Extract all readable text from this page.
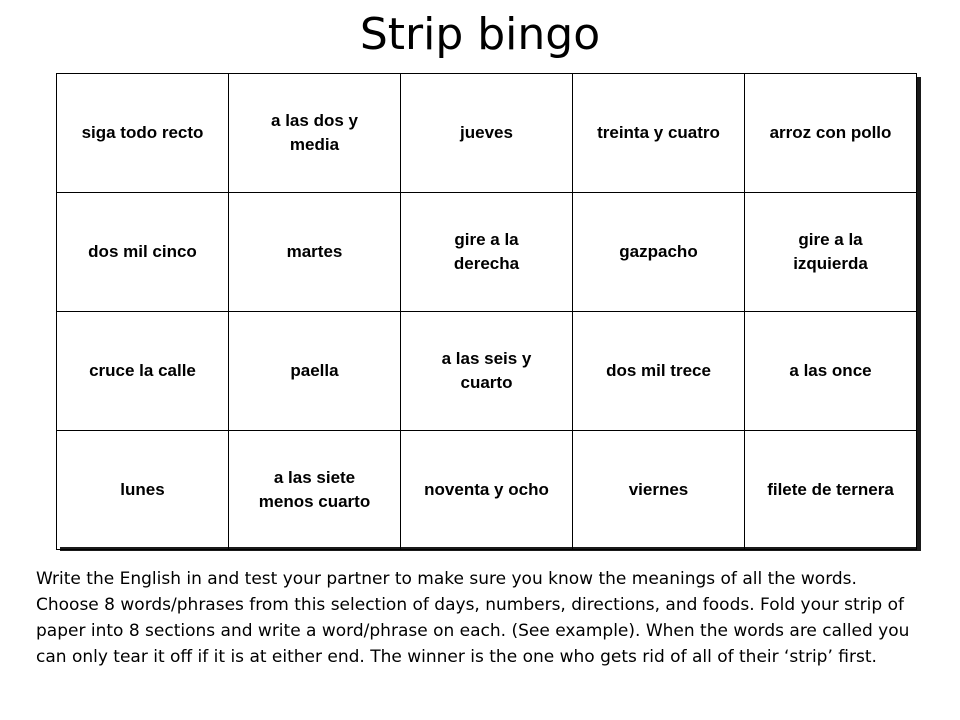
Strip bingo
siga todo recto	a las dos y media	jueves	treinta y cuatro	arroz con pollo
dos mil cinco	martes	gire a la derecha	gazpacho	gire a la izquierda
cruce la calle	paella	a las seis y cuarto	dos mil trece	a las once
lunes	a las siete menos cuarto	noventa y ocho	viernes	filete de ternera

Write the English in and test your partner to make sure you know the meanings of all the words. Choose 8 words/phrases from this selection of days, numbers, directions, and foods. Fold your strip of paper into 8 sections and write a word/phrase on each. (See example). When the words are called you can only tear it off if it is at either end. The winner is the one who gets rid of all of their ‘strip’ first.
